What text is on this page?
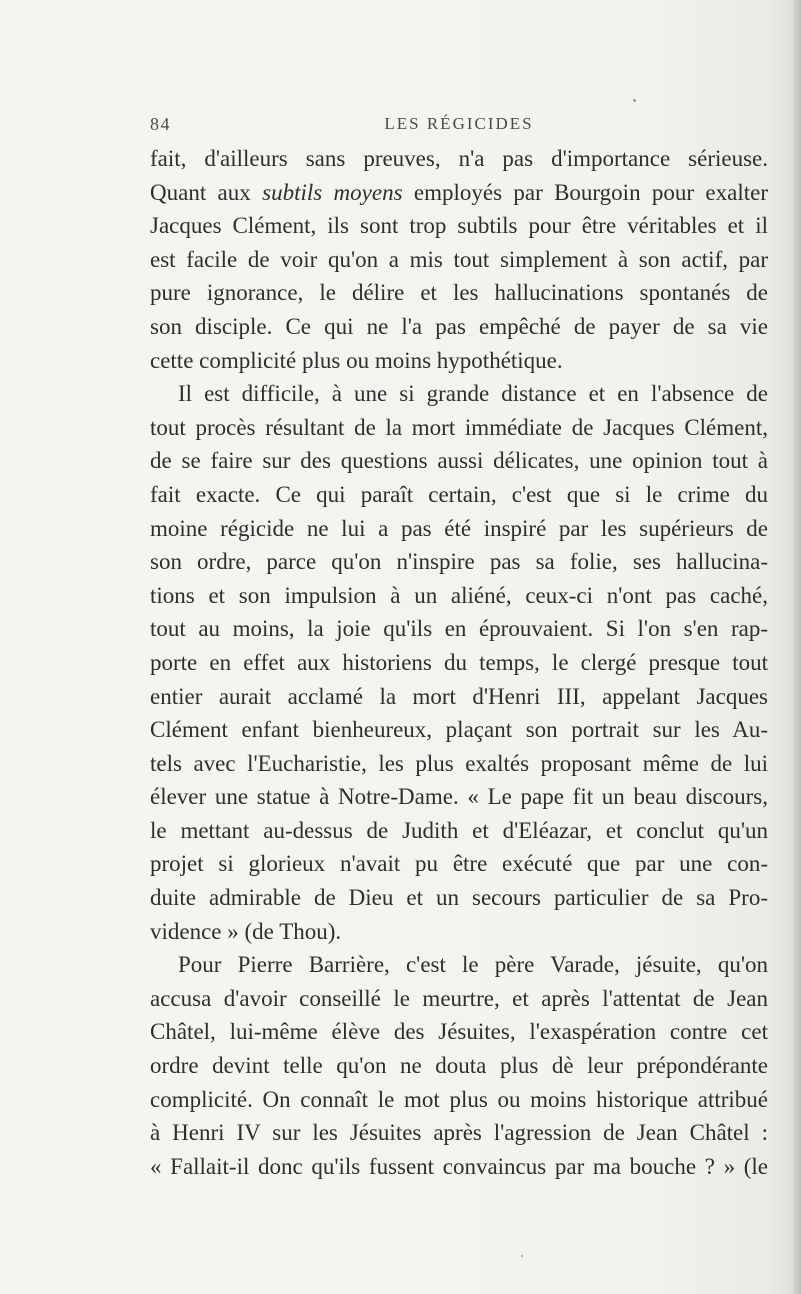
84	LES RÉGICIDES
fait, d'ailleurs sans preuves, n'a pas d'importance sérieuse.
Quant aux subtils moyens employés par Bourgoin pour exalter
Jacques Clément, ils sont trop subtils pour être véritables et il
est facile de voir qu'on a mis tout simplement à son actif, par
pure ignorance, le délire et les hallucinations spontanés de
son disciple. Ce qui ne l'a pas empêché de payer de sa vie
cette complicité plus ou moins hypothétique.
Il est difficile, à une si grande distance et en l'absence de
tout procès résultant de la mort immédiate de Jacques Clément,
de se faire sur des questions aussi délicates, une opinion tout à
fait exacte. Ce qui paraît certain, c'est que si le crime du
moine régicide ne lui a pas été inspiré par les supérieurs de
son ordre, parce qu'on n'inspire pas sa folie, ses hallucina-
tions et son impulsion à un aliéné, ceux-ci n'ont pas caché,
tout au moins, la joie qu'ils en éprouvaient. Si l'on s'en rap-
porte en effet aux historiens du temps, le clergé presque tout
entier aurait acclamé la mort d'Henri III, appelant Jacques
Clément enfant bienheureux, plaçant son portrait sur les Au-
tels avec l'Eucharistie, les plus exaltés proposant même de lui
élever une statue à Notre-Dame. « Le pape fit un beau discours,
le mettant au-dessus de Judith et d'Eléazar, et conclut qu'un
projet si glorieux n'avait pu être exécuté que par une con-
duite admirable de Dieu et un secours particulier de sa Pro-
vidence » (de Thou).
Pour Pierre Barrière, c'est le père Varade, jésuite, qu'on
accusa d'avoir conseillé le meurtre, et après l'attentat de Jean
Châtel, lui-même élève des Jésuites, l'exaspération contre cet
ordre devint telle qu'on ne douta plus dè leur prépondérante
complicité. On connaît le mot plus ou moins historique attribué
à Henri IV sur les Jésuites après l'agression de Jean Châtel :
« Fallait-il donc qu'ils fussent convaincus par ma bouche ? » (le
